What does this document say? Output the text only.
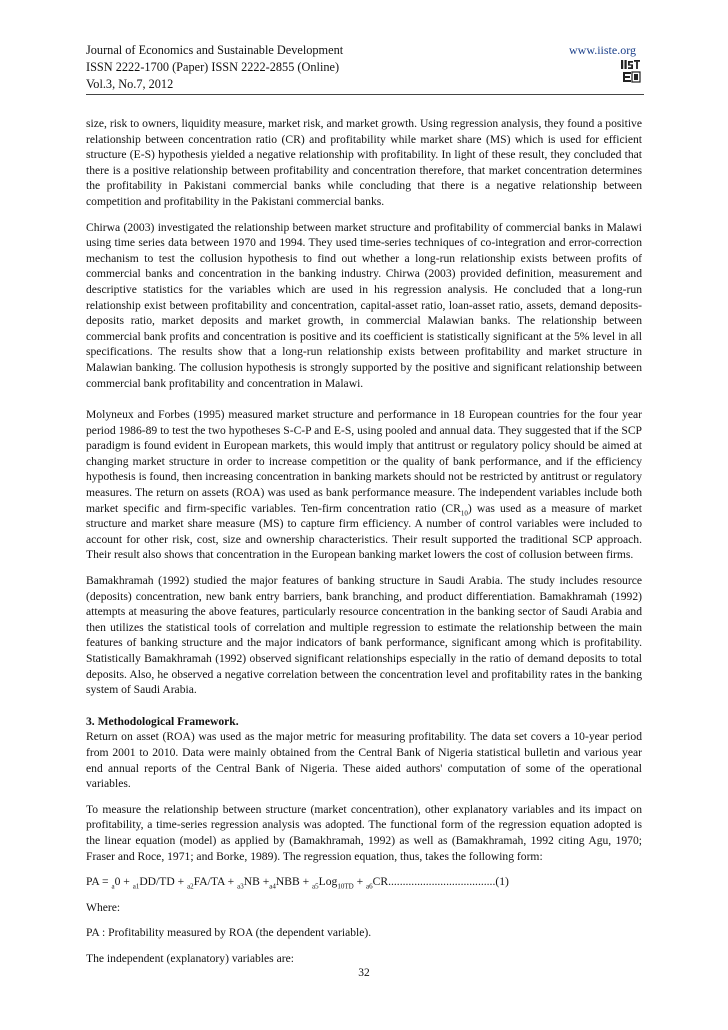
Journal of Economics and Sustainable Development
ISSN 2222-1700 (Paper) ISSN 2222-2855 (Online)
Vol.3, No.7, 2012
www.iiste.org

size, risk to owners, liquidity measure, market risk, and market growth. Using regression analysis, they found a positive relationship between concentration ratio (CR) and profitability while market share (MS) which is used for efficient structure (E-S) hypothesis yielded a negative relationship with profitability. In light of these result, they concluded that there is a positive relationship between profitability and concentration therefore, that market concentration determines the profitability in Pakistani commercial banks while concluding that there is a negative relationship between competition and profitability in the Pakistani commercial banks.

Chirwa (2003) investigated the relationship between market structure and profitability of commercial banks in Malawi using time series data between 1970 and 1994. They used time-series techniques of co-integration and error-correction mechanism to test the collusion hypothesis to find out whether a long-run relationship exists between profits of commercial banks and concentration in the banking industry. Chirwa (2003) provided definition, measurement and descriptive statistics for the variables which are used in his regression analysis. He concluded that a long-run relationship exist between profitability and concentration, capital-asset ratio, loan-asset ratio, assets, demand deposits-deposits ratio, market deposits and market growth, in commercial Malawian banks. The relationship between commercial bank profits and concentration is positive and its coefficient is statistically significant at the 5% level in all specifications. The results show that a long-run relationship exists between profitability and market structure in Malawian banking. The collusion hypothesis is strongly supported by the positive and significant relationship between commercial bank profitability and concentration in Malawi.

Molyneux and Forbes (1995) measured market structure and performance in 18 European countries for the four year period 1986-89 to test the two hypotheses S-C-P and E-S, using pooled and annual data. They suggested that if the SCP paradigm is found evident in European markets, this would imply that antitrust or regulatory policy should be aimed at changing market structure in order to increase competition or the quality of bank performance, and if the efficiency hypothesis is found, then increasing concentration in banking markets should not be restricted by antitrust or regulatory measures. The return on assets (ROA) was used as bank performance measure. The independent variables include both market specific and firm-specific variables. Ten-firm concentration ratio $(CR_{10})$ was used as a measure of market structure and market share measure (MS) to capture firm efficiency. A number of control variables were included to account for other risk, cost, size and ownership characteristics. Their result supported the traditional SCP approach. Their result also shows that concentration in the European banking market lowers the cost of collusion between firms.

Bamakhramah (1992) studied the major features of banking structure in Saudi Arabia. The study includes resource (deposits) concentration, new bank entry barriers, bank branching, and product differentiation. Bamakhramah (1992) attempts at measuring the above features, particularly resource concentration in the banking sector of Saudi Arabia and then utilizes the statistical tools of correlation and multiple regression to estimate the relationship between the main features of banking structure and the major indicators of bank performance, significant among which is profitability. Statistically Bamakhramah (1992) observed significant relationships especially in the ratio of demand deposits to total deposits. Also, he observed a negative correlation between the concentration level and profitability rates in the banking system of Saudi Arabia.

3. Methodological Framework.

Return on asset (ROA) was used as the major metric for measuring profitability. The data set covers a 10-year period from 2001 to 2010. Data were mainly obtained from the Central Bank of Nigeria statistical bulletin and various year end annual reports of the Central Bank of Nigeria. These aided authors' computation of some of the operational variables.

To measure the relationship between structure (market concentration), other explanatory variables and its impact on profitability, a time-series regression analysis was adopted. The functional form of the regression equation adopted is the linear equation (model) as applied by (Bamakhramah, 1992) as well as (Bamakhramah, 1992 citing Agu, 1970; Fraser and Roce, 1971; and Borke, 1989). The regression equation, thus, takes the following form:

PA = $_a0 + _{a1}DD/TD + _{a2}FA/TA + _{a3}NB +_{a4}NBB + _{a5}Log_{10TD} + _{a6}CR.....................................(1)$

Where:

PA : Profitability measured by ROA (the dependent variable).

The independent (explanatory) variables are:

32
